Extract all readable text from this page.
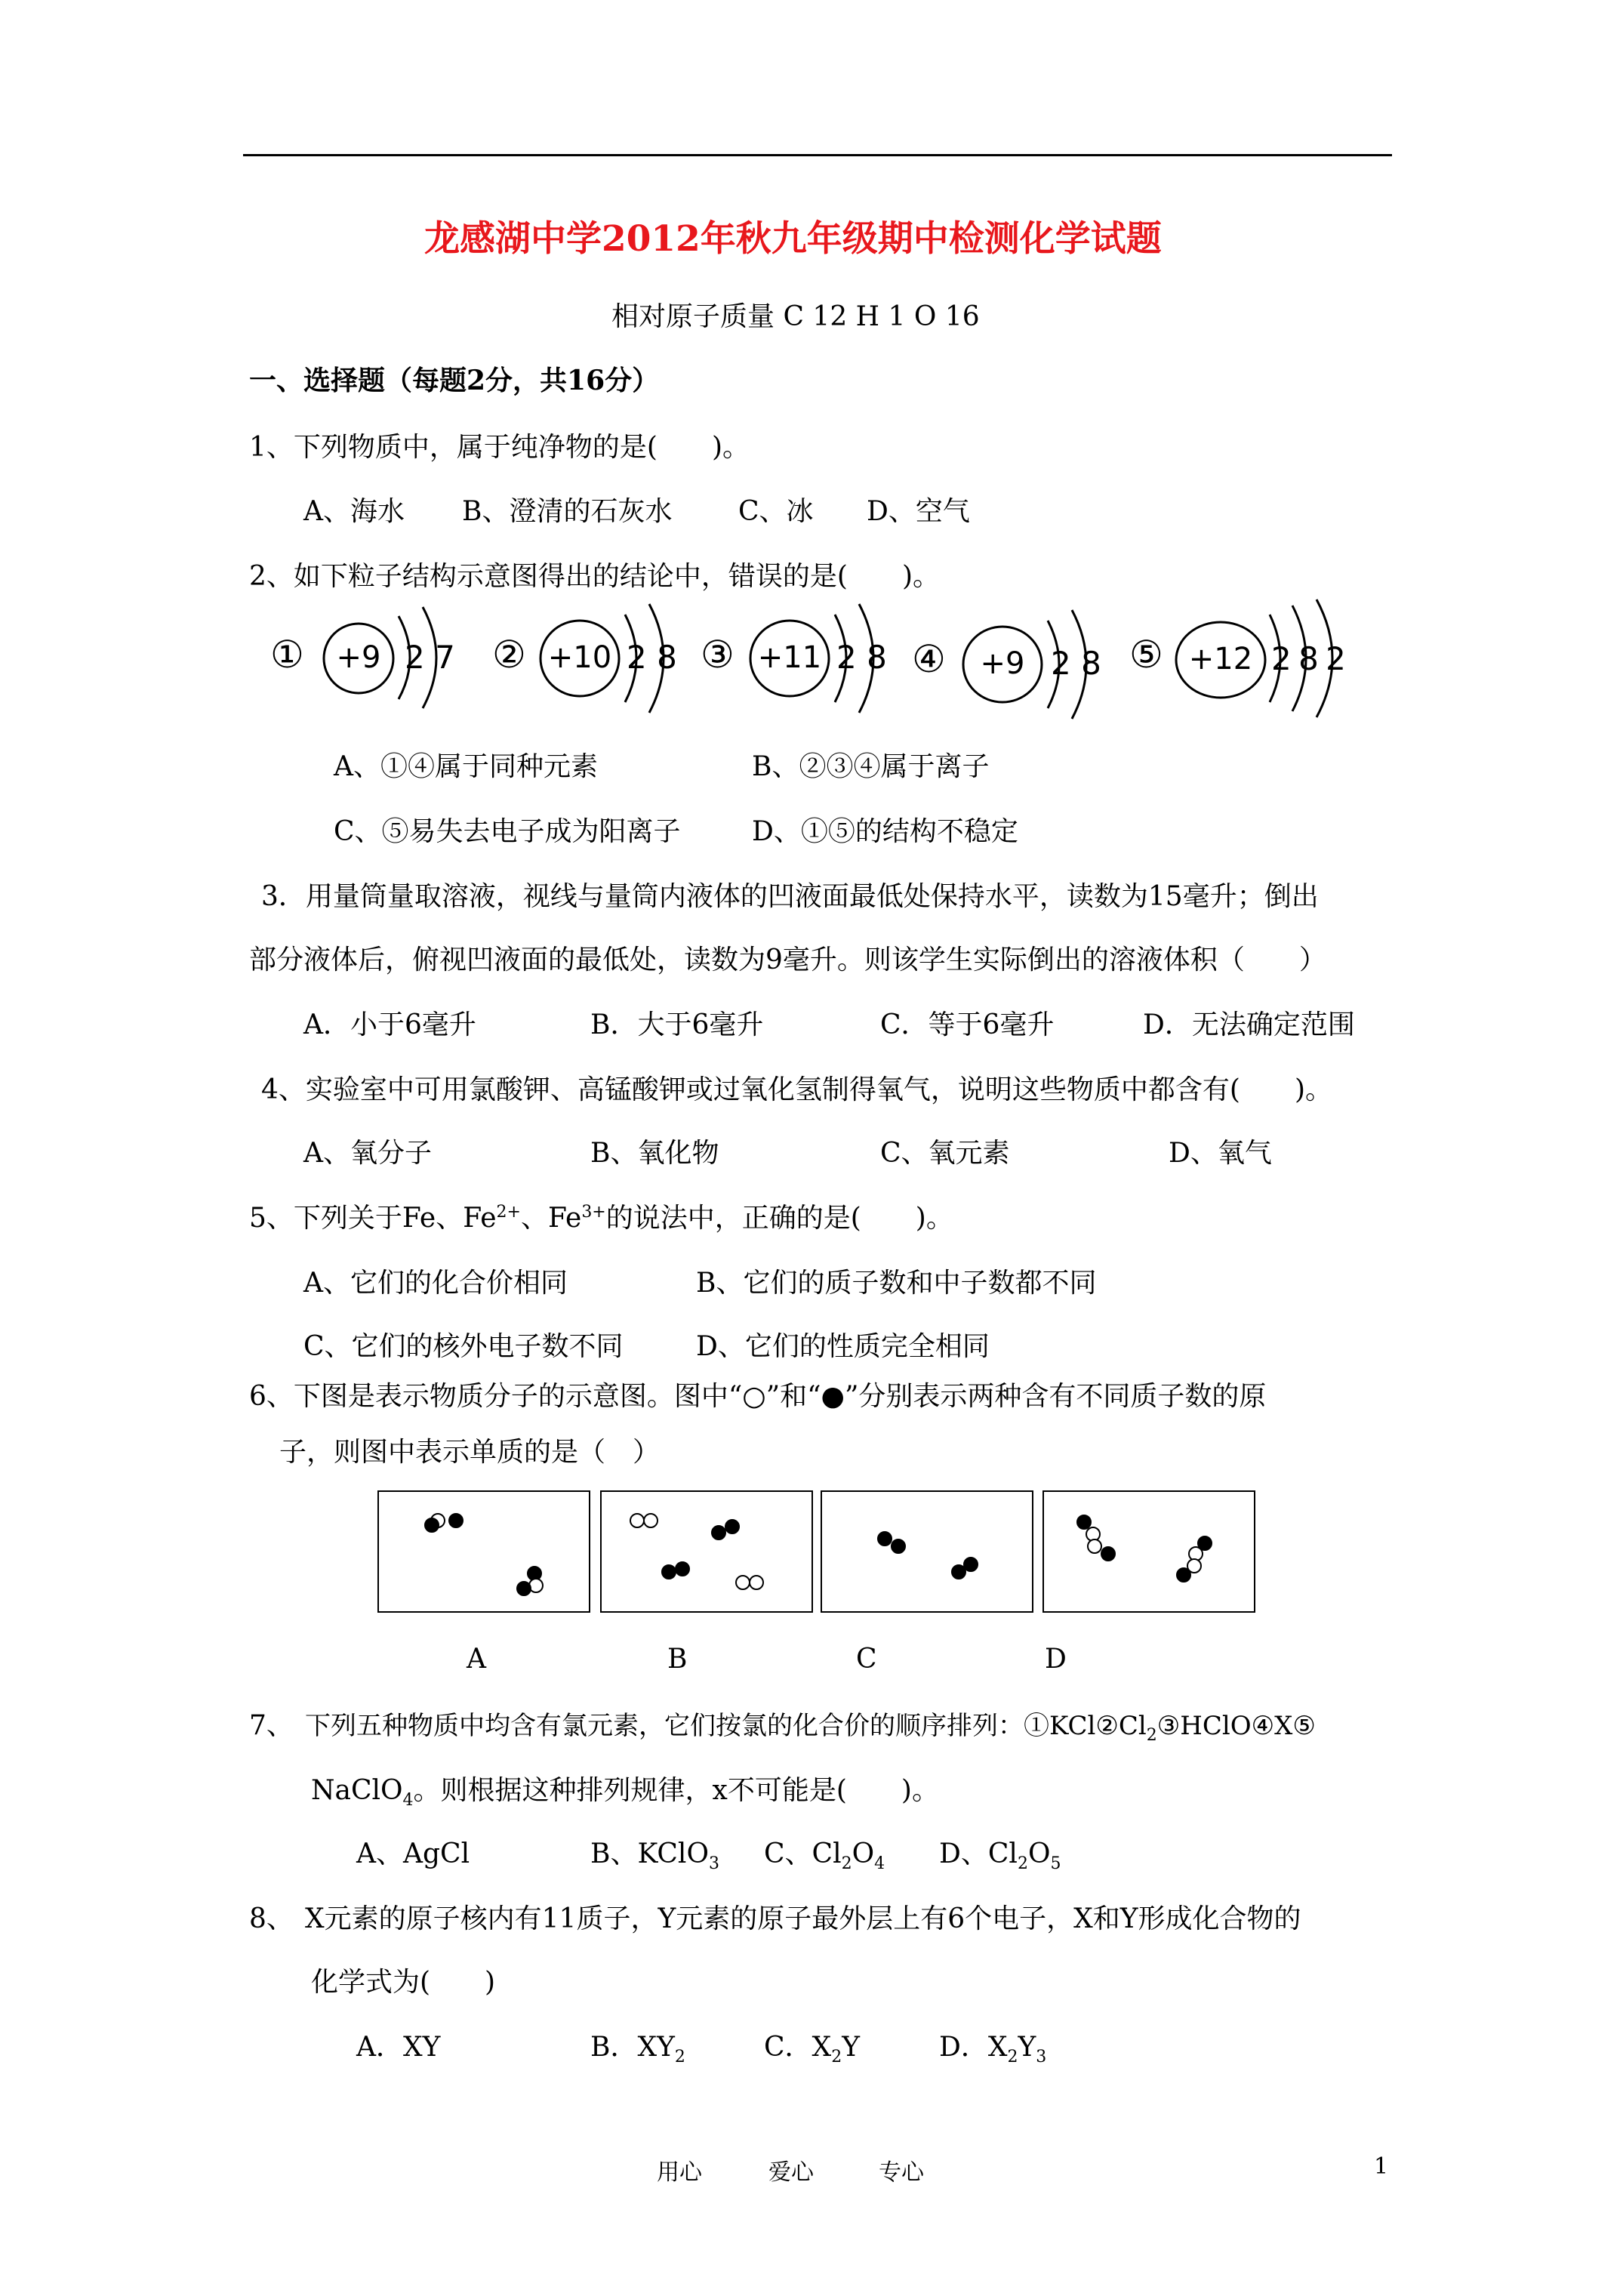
龙感湖中学2012年秋九年级期中检测化学试题
相对原子质量 C 12 H 1 O 16
一、选择题（每题2分，共16分）
1、下列物质中，属于纯净物的是(　　)。
A、海水 B、澄清的石灰水 C、冰 D、空气
2、如下粒子结构示意图得出的结论中，错误的是(　　)。
①	+9 2 7 ② +10 2 8 ③ +11 2 8 ④	+9 2 8 ⑤ +12 2 8 2
A、①④属于同种元素	B、②③④属于离子
C、⑤易失去电子成为阳离子	D、①⑤的结构不稳定
3．用量筒量取溶液，视线与量筒内液体的凹液面最低处保持水平，读数为15毫升；倒出
部分液体后，俯视凹液面的最低处，读数为9毫升。则该学生实际倒出的溶液体积（　　）
A．小于6毫升	B．大于6毫升	C．等于6毫升	D．无法确定范围
4、实验室中可用氯酸钾、高锰酸钾或过氧化氢制得氧气，说明这些物质中都含有(　　)。
A、氧分子	B、氧化物	C、氧元素	D、氧气
5、下列关于Fe、$Fe^{2+}$、$Fe^{3+}$的说法中，正确的是(　　)。
A、它们的化合价相同	B、它们的质子数和中子数都不同
C、它们的核外电子数不同	D、它们的性质完全相同
6、下图是表示物质分子的示意图。图中“○”和“●”分别表示两种含有不同质子数的原
子，则图中表示单质的是（　）
A	B	C	D
7、 下列五种物质中均含有氯元素，它们按氯的化合价的顺序排列：$①KCl②Cl_2③HClO④X⑤$
NaClO$_4$。则根据这种排列规律，x不可能是(　　)。
A、AgCl	B、KClO$_3$ C、$Cl_2O_4$ D、$Cl_2O_5$
8、 X元素的原子核内有11质子，Y元素的原子最外层上有6个电子，X和Y形成化合物的
化学式为(　　)
A．XY	B．$XY_2$	C．$X_2Y$	D．$X_2Y_3$
用心	爱心	专心	1
